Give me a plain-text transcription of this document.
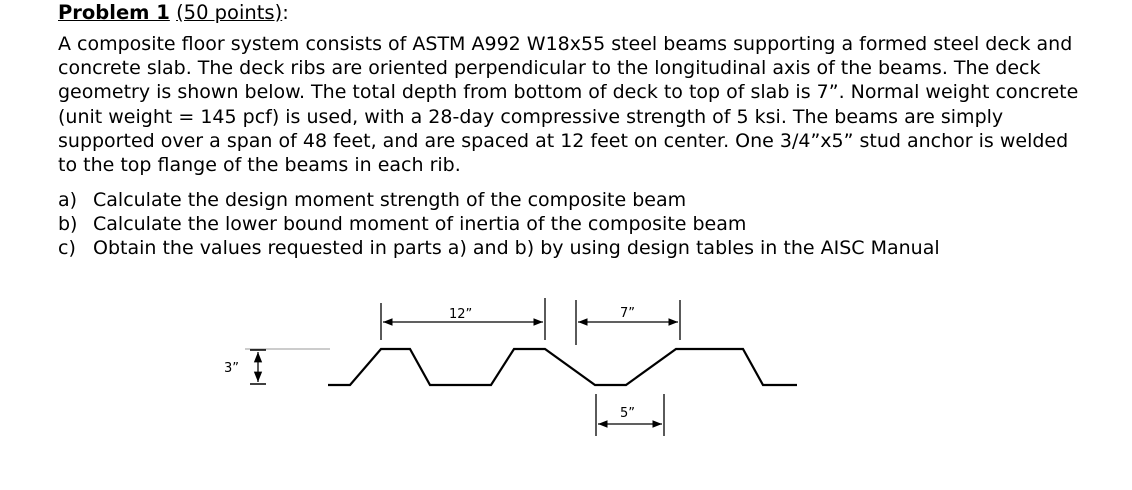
Problem 1 (50 points):
A composite floor system consists of ASTM A992 W18x55 steel beams supporting a formed steel deck and
concrete slab. The deck ribs are oriented perpendicular to the longitudinal axis of the beams. The deck
geometry is shown below. The total depth from bottom of deck to top of slab is 7”. Normal weight concrete
(unit weight = 145 pcf) is used, with a 28-day compressive strength of 5 ksi. The beams are simply
supported over a span of 48 feet, and are spaced at 12 feet on center. One 3/4”x5” stud anchor is welded
to the top flange of the beams in each rib.
a) Calculate the design moment strength of the composite beam
b) Calculate the lower bound moment of inertia of the composite beam
c) Obtain the values requested in parts a) and b) by using design tables in the AISC Manual
3”
12”	7”
5”
